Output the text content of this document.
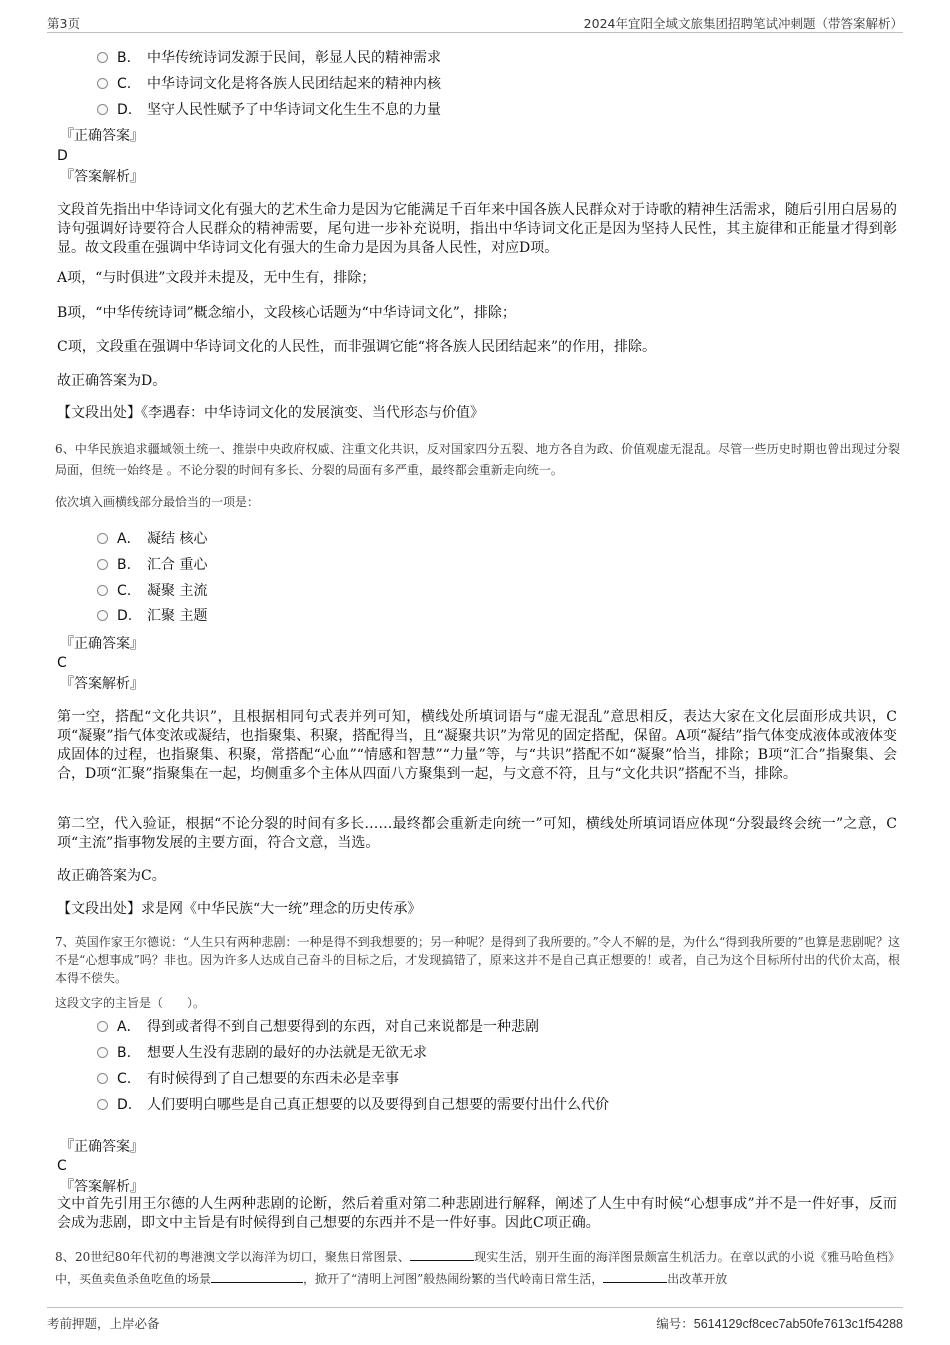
第3页	2024年宜阳全域文旅集团招聘笔试冲刺题（带答案解析）
B. 中华传统诗词发源于民间，彰显人民的精神需求
C. 中华诗词文化是将各族人民团结起来的精神内核
D. 坚守人民性赋予了中华诗词文化生生不息的力量
『正确答案』
D
『答案解析』
文段首先指出中华诗词文化有强大的艺术生命力是因为它能满足千百年来中国各族人民群众对于诗歌的精神生活需求，随后引用白居易的诗句强调好诗要符合人民群众的精神需要，尾句进一步补充说明，指出中华诗词文化正是因为坚持人民性，其主旋律和正能量才得到彰显。故文段重在强调中华诗词文化有强大的生命力是因为具备人民性，对应D项。
A项，“与时俱进”文段并未提及，无中生有，排除；
B项，“中华传统诗词”概念缩小，文段核心话题为“中华诗词文化”，排除；
C项，文段重在强调中华诗词文化的人民性，而非强调它能“将各族人民团结起来”的作用，排除。
故正确答案为D。
【文段出处】《李遇春：中华诗词文化的发展演变、当代形态与价值》
6、中华民族追求疆域领土统一、推崇中央政府权威、注重文化共识，反对国家四分五裂、地方各自为政、价值观虚无混乱。尽管一些历史时期也曾出现过分裂局面，但统一始终是 。不论分裂的时间有多长、分裂的局面有多严重，最终都会重新走向统一。
依次填入画横线部分最恰当的一项是：
A． 凝结 核心
B. 汇合 重心
C. 凝聚 主流
D. 汇聚 主题
『正确答案』
C
『答案解析』
第一空，搭配“文化共识”，且根据相同句式表并列可知，横线处所填词语与“虚无混乱”意思相反，表达大家在文化层面形成共识，C项“凝聚”指气体变浓或凝结，也指聚集、积聚，搭配得当，且“凝聚共识”为常见的固定搭配，保留。A项“凝结”指气体变成液体或液体变成固体的过程，也指聚集、积聚，常搭配“心血”“情感和智慧”“力量”等，与“共识”搭配不如“凝聚”恰当，排除；B项“汇合”指聚集、会合，D项“汇聚”指聚集在一起，均侧重多个主体从四面八方聚集到一起，与文意不符，且与“文化共识”搭配不当，排除。
第二空，代入验证，根据“不论分裂的时间有多长……最终都会重新走向统一”可知，横线处所填词语应体现“分裂最终会统一”之意，C项“主流”指事物发展的主要方面，符合文意，当选。
故正确答案为C。
【文段出处】求是网《中华民族“大一统”理念的历史传承》
7、英国作家王尔德说：“人生只有两种悲剧：一种是得不到我想要的；另一种呢？是得到了我所要的。”令人不解的是，为什么“得到我所要的”也算是悲剧呢？这不是“心想事成”吗？非也。因为许多人达成自己奋斗的目标之后，才发现搞错了，原来这并不是自己真正想要的！或者，自己为这个目标所付出的代价太高，根本得不偿失。
这段文字的主旨是（　　）。
A． 得到或者得不到自己想要得到的东西，对自己来说都是一种悲剧
B. 想要人生没有悲剧的最好的办法就是无欲无求
C. 有时候得到了自己想要的东西未必是幸事
D. 人们要明白哪些是自己真正想要的以及要得到自己想要的需要付出什么代价
『正确答案』
C
『答案解析』
文中首先引用王尔德的人生两种悲剧的论断，然后着重对第二种悲剧进行解释，阐述了人生中有时候“心想事成”并不是一件好事，反而会成为悲剧，即文中主旨是有时候得到自己想要的东西并不是一件好事。因此C项正确。
8、20世纪80年代初的粤港澳文学以海洋为切口，聚焦日常图景、	现实生活，别开生面的海洋图景颇富生机活力。在章以武的小说《雅马哈鱼档》中，买鱼卖鱼杀鱼吃鱼的场景	，掀开了“清明上河图”般热闹纷繁的当代岭南日常生活，	出改革开放
考前押题，上岸必备	编号：5614129cf8cec7ab50fe7613c1f54288
